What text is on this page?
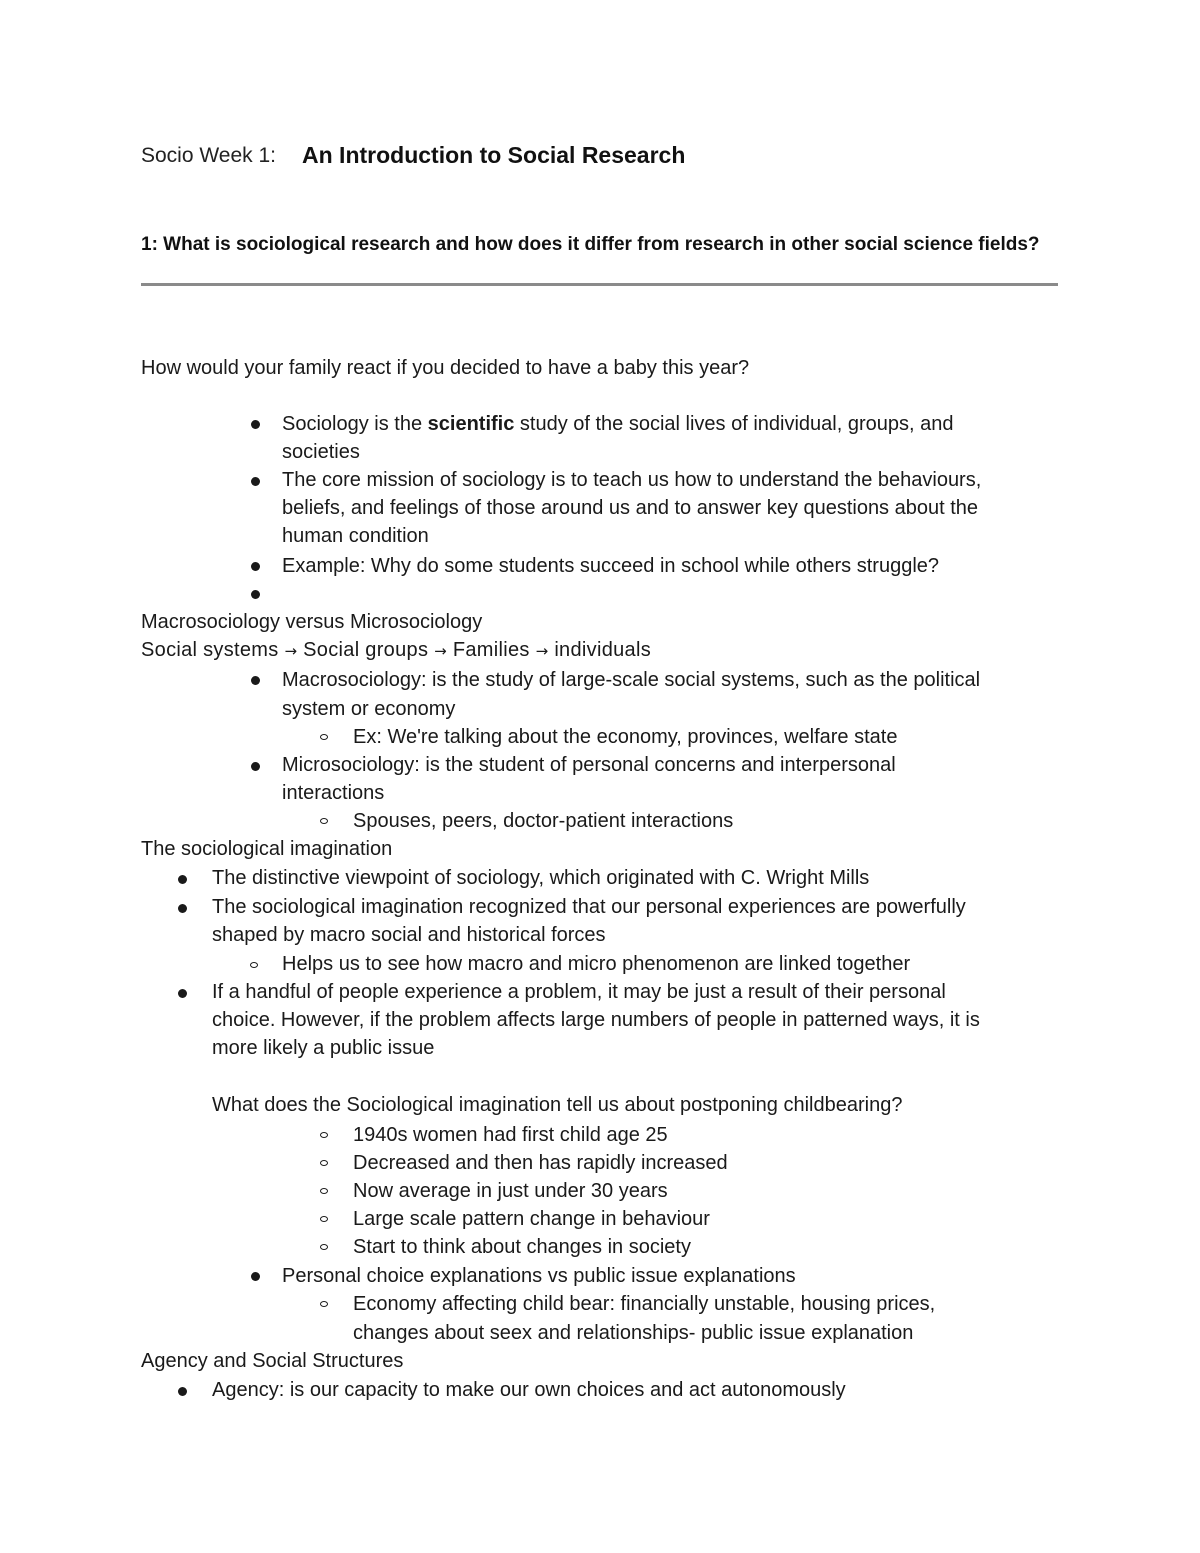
Socio Week 1: An Introduction to Social Research
1: What is sociological research and how does it differ from research in other social science fields?
How would your family react if you decided to have a baby this year?
Sociology is the scientific study of the social lives of individual, groups, and
societies
The core mission of sociology is to teach us how to understand the behaviours,
beliefs, and feelings of those around us and to answer key questions about the
human condition
Example: Why do some students succeed in school while others struggle?
Macrosociology versus Microsociology
Social systems → Social groups → Families → individuals
Macrosociology: is the study of large-scale social systems, such as the political
system or economy
Ex: We're talking about the economy, provinces, welfare state
Microsociology: is the student of personal concerns and interpersonal
interactions
Spouses, peers, doctor-patient interactions
The sociological imagination
The distinctive viewpoint of sociology, which originated with C. Wright Mills
The sociological imagination recognized that our personal experiences are powerfully
shaped by macro social and historical forces
Helps us to see how macro and micro phenomenon are linked together
If a handful of people experience a problem, it may be just a result of their personal
choice. However, if the problem affects large numbers of people in patterned ways, it is
more likely a public issue
What does the Sociological imagination tell us about postponing childbearing?
1940s women had first child age 25
Decreased and then has rapidly increased
Now average in just under 30 years
Large scale pattern change in behaviour
Start to think about changes in society
Personal choice explanations vs public issue explanations
Economy affecting child bear: financially unstable, housing prices,
changes about seex and relationships- public issue explanation
Agency and Social Structures
Agency: is our capacity to make our own choices and act autonomously
